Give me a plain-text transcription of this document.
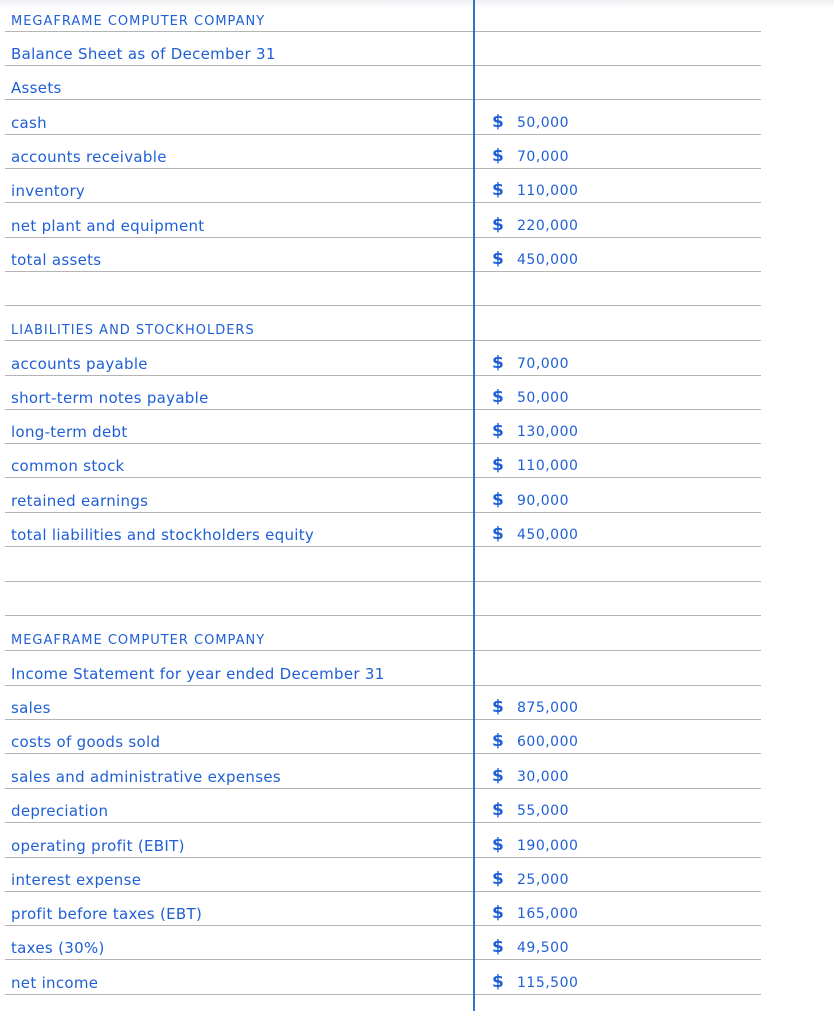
MEGAFRAME COMPUTER COMPANY
Balance Sheet as of December 31
Assets
cash	$ 50,000
accounts receivable	$ 70,000
inventory	$ 110,000
net plant and equipment	$ 220,000
total assets	$ 450,000
LIABILITIES AND STOCKHOLDERS
accounts payable	$ 70,000
short-term notes payable	$ 50,000
long-term debt	$ 130,000
common stock	$ 110,000
retained earnings	$ 90,000
total liabilities and stockholders equity	$ 450,000
MEGAFRAME COMPUTER COMPANY
Income Statement for year ended December 31
sales	$ 875,000
costs of goods sold	$ 600,000
sales and administrative expenses	$ 30,000
depreciation	$ 55,000
operating profit (EBIT)	$ 190,000
interest expense	$ 25,000
profit before taxes (EBT)	$ 165,000
taxes (30%)	$ 49,500
net income	$ 115,500
